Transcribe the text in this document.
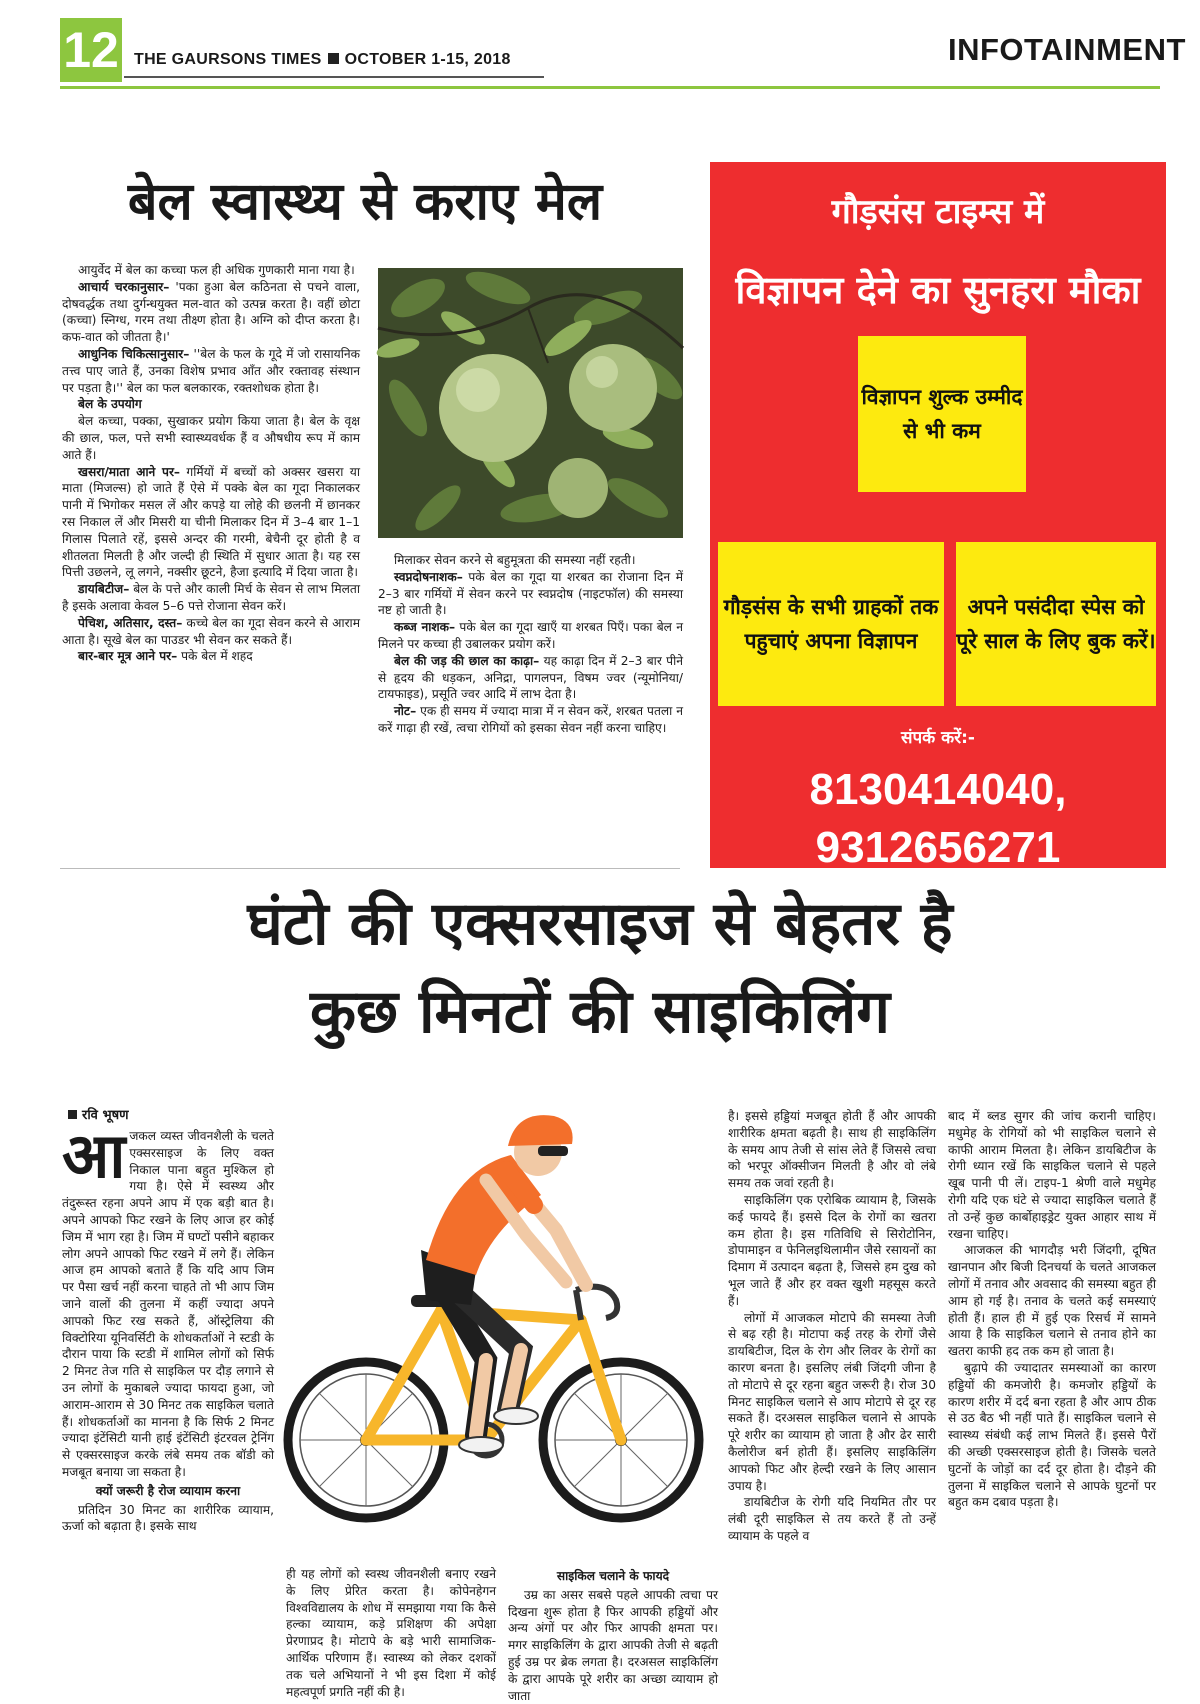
12 THE GAURSONS TIMES OCTOBER 1-15, 2018	INFOTAINMENT
बेल स्वास्थ्य से कराए मेल

आयुर्वेद में बेल का कच्चा फल ही अधिक गुणकारी माना गया है।

आचार्य चरकानुसार– 'पका हुआ बेल कठिनता से पचने वाला, दोषवर्द्धक तथा दुर्गन्धयुक्त मल-वात को उत्पन्न करता है। वहीं छोटा (कच्चा) स्निग्ध, गरम तथा तीक्ष्ण होता है। अग्नि को दीप्त करता है। कफ-वात को जीतता है।'

आधुनिक चिकित्सानुसार– ''बेल के फल के गूदे में जो रासायनिक तत्त्व पाए जाते हैं, उनका विशेष प्रभाव आँत और रक्तावह संस्थान पर पड़ता है।'' बेल का फल बलकारक, रक्तशोधक होता है।

बेल के उपयोग

बेल कच्चा, पक्का, सुखाकर प्रयोग किया जाता है। बेल के वृक्ष की छाल, फल, पत्ते सभी स्वास्थ्यवर्धक हैं व औषधीय रूप में काम आते हैं।

खसरा/माता आने पर– गर्मियों में बच्चों को अक्सर खसरा या माता (मिजल्स) हो जाते हैं ऐसे में पक्के बेल का गूदा निकालकर पानी में भिगोकर मसल लें और कपड़े या लोहे की छलनी में छानकर रस निकाल लें और मिसरी या चीनी मिलाकर दिन में 3–4 बार 1–1 गिलास पिलाते रहें, इससे अन्दर की गरमी, बेचैनी दूर होती है व शीतलता मिलती है और जल्दी ही स्थिति में सुधार आता है। यह रस पित्ती उछलने, लू लगने, नक्सीर छूटने, हैजा इत्यादि में दिया जाता है।

डायबिटीज– बेल के पत्ते और काली मिर्च के सेवन से लाभ मिलता है इसके अलावा केवल 5–6 पत्ते रोजाना सेवन करें।

पेचिश, अतिसार, दस्त– कच्चे बेल का गूदा सेवन करने से आराम आता है। सूखे बेल का पाउडर भी सेवन कर सकते हैं।

बार-बार मूत्र आने पर– पके बेल में शहद

मिलाकर सेवन करने से बहुमूत्रता की समस्या नहीं रहती।

स्वप्नदोषनाशक– पके बेल का गूदा या शरबत का रोजाना दिन में 2–3 बार गर्मियों में सेवन करने पर स्वप्नदोष (नाइटफॉल) की समस्या नष्ट हो जाती है।

कब्ज नाशक– पके बेल का गूदा खाएँ या शरबत पिएँ। पका बेल न मिलने पर कच्चा ही उबालकर प्रयोग करें।

बेल की जड़ की छाल का काढ़ा– यह काढ़ा दिन में 2–3 बार पीने से हृदय की धड़कन, अनिद्रा, पागलपन, विषम ज्वर (न्यूमोनिया/टायफाइड), प्रसूति ज्वर आदि में लाभ देता है।

नोट– एक ही समय में ज्यादा मात्रा में न सेवन करें, शरबत पतला न करें गाढ़ा ही रखें, त्वचा रोगियों को इसका सेवन नहीं करना चाहिए।

गौड़संस टाइम्स में
विज्ञापन देने का सुनहरा मौका
विज्ञापन शुल्क उम्मीद से भी कम
गौड़संस के सभी ग्राहकों तक पहुचाएं अपना विज्ञापन
अपने पसंदीदा स्पेस को पूरे साल के लिए बुक करें।
संपर्क करें:-
8130414040,
9312656271
घंटो की एक्सरसाइज से बेहतर है
कुछ मिनटों की साइकिलिंग
रवि भूषण
आ जकल व्यस्त जीवनशैली के चलते एक्सरसाइज के लिए वक्त निकाल पाना बहुत मुश्किल हो गया है। ऐसे में स्वस्थ्य और तंदुरूस्त रहना अपने आप में एक बड़ी बात है। अपने आपको फिट रखने के लिए आज हर कोई जिम में भाग रहा है। जिम में घण्टों पसीने बहाकर लोग अपने आपको फिट रखने में लगे हैं। लेकिन आज हम आपको बताते हैं कि यदि आप जिम पर पैसा खर्च नहीं करना चाहते तो भी आप जिम जाने वालों की तुलना में कहीं ज्यादा अपने आपको फिट रख सकते हैं, ऑस्ट्रेलिया की विक्टोरिया यूनिवर्सिटी के शोधकर्ताओं ने स्टडी के दौरान पाया कि स्टडी में शामिल लोगों को सिर्फ 2 मिनट तेज गति से साइकिल पर दौड़ लगाने से उन लोगों के मुकाबले ज्यादा फायदा हुआ, जो आराम-आराम से 30 मिनट तक साइकिल चलाते हैं। शोधकर्ताओं का मानना है कि सिर्फ 2 मिनट ज्यादा इंटेंसिटी यानी हाई इंटेंसिटी इंटरवल ट्रेनिंग से एक्सरसाइज करके लंबे समय तक बॉडी को मजबूत बनाया जा सकता है।

क्यों जरूरी है रोज व्यायाम करना

प्रतिदिन 30 मिनट का शारीरिक व्यायाम, ऊर्जा को बढ़ाता है। इसके साथ

ही यह लोगों को स्वस्थ जीवनशैली बनाए रखने के लिए प्रेरित करता है। कोपेनहेगन विश्वविद्यालय के शोध में समझाया गया कि कैसे हल्का व्यायाम, कड़े प्रशिक्षण की अपेक्षा प्रेरणाप्रद है। मोटापे के बड़े भारी सामाजिक-आर्थिक परिणाम हैं। स्वास्थ्य को लेकर दशकों तक चले अभियानों ने भी इस दिशा में कोई महत्वपूर्ण प्रगति नहीं की है।

साइकिल चलाने के फायदे

उम्र का असर सबसे पहले आपकी त्वचा पर दिखना शुरू होता है फिर आपकी हड्डियों और अन्य अंगों पर और फिर आपकी क्षमता पर। मगर साइकिलिंग के द्वारा आपकी तेजी से बढ़ती हुई उम्र पर ब्रेक लगता है। दरअसल साइकिलिंग के द्वारा आपके पूरे शरीर का अच्छा व्यायाम हो जाता

है। इससे हड्डियां मजबूत होती हैं और आपकी शारीरिक क्षमता बढ़ती है। साथ ही साइकिलिंग के समय आप तेजी से सांस लेते हैं जिससे त्वचा को भरपूर ऑक्सीजन मिलती है और वो लंबे समय तक जवां रहती है।

साइकिलिंग एक एरोबिक व्यायाम है, जिसके कई फायदे हैं। इससे दिल के रोगों का खतरा कम होता है। इस गतिविधि से सिरोटोनिन, डोपामाइन व फेनिलइथिलामीन जैसे रसायनों का दिमाग में उत्पादन बढ़ता है, जिससे हम दुख को भूल जाते हैं और हर वक्त खुशी महसूस करते हैं।

लोगों में आजकल मोटापे की समस्या तेजी से बढ़ रही है। मोटापा कई तरह के रोगों जैसे डायबिटीज, दिल के रोग और लिवर के रोगों का कारण बनता है। इसलिए लंबी जिंदगी जीना है तो मोटापे से दूर रहना बहुत जरूरी है। रोज 30 मिनट साइकिल चलाने से आप मोटापे से दूर रह सकते हैं। दरअसल साइकिल चलाने से आपके पूरे शरीर का व्यायाम हो जाता है और ढेर सारी कैलोरीज बर्न होती हैं। इसलिए साइकिलिंग आपको फिट और हेल्दी रखने के लिए आसान उपाय है।

डायबिटीज के रोगी यदि नियमित तौर पर लंबी दूरी साइकिल से तय करते हैं तो उन्हें व्यायाम के पहले व

बाद में ब्लड सुगर की जांच करानी चाहिए। मधुमेह के रोगियों को भी साइकिल चलाने से काफी आराम मिलता है। लेकिन डायबिटीज के रोगी ध्यान रखें कि साइकिल चलाने से पहले खूब पानी पी लें। टाइप-1 श्रेणी वाले मधुमेह रोगी यदि एक घंटे से ज्यादा साइकिल चलाते हैं तो उन्हें कुछ कार्बोहाइड्रेट युक्त आहार साथ में रखना चाहिए।

आजकल की भागदौड़ भरी जिंदगी, दूषित खानपान और बिजी दिनचर्या के चलते आजकल लोगों में तनाव और अवसाद की समस्या बहुत ही आम हो गई है। तनाव के चलते कई समस्याएं होती हैं। हाल ही में हुई एक रिसर्च में सामने आया है कि साइकिल चलाने से तनाव होने का खतरा काफी हद तक कम हो जाता है।

बुढ़ापे की ज्यादातर समस्याओं का कारण हड्डियों की कमजोरी है। कमजोर हड्डियों के कारण शरीर में दर्द बना रहता है और आप ठीक से उठ बैठ भी नहीं पाते हैं। साइकिल चलाने से स्वास्थ्य संबंधी कई लाभ मिलते हैं। इससे पैरों की अच्छी एक्सरसाइज होती है। जिसके चलते घुटनों के जोड़ों का दर्द दूर होता है। दौड़ने की तुलना में साइकिल चलाने से आपके घुटनों पर बहुत कम दबाव पड़ता है।
